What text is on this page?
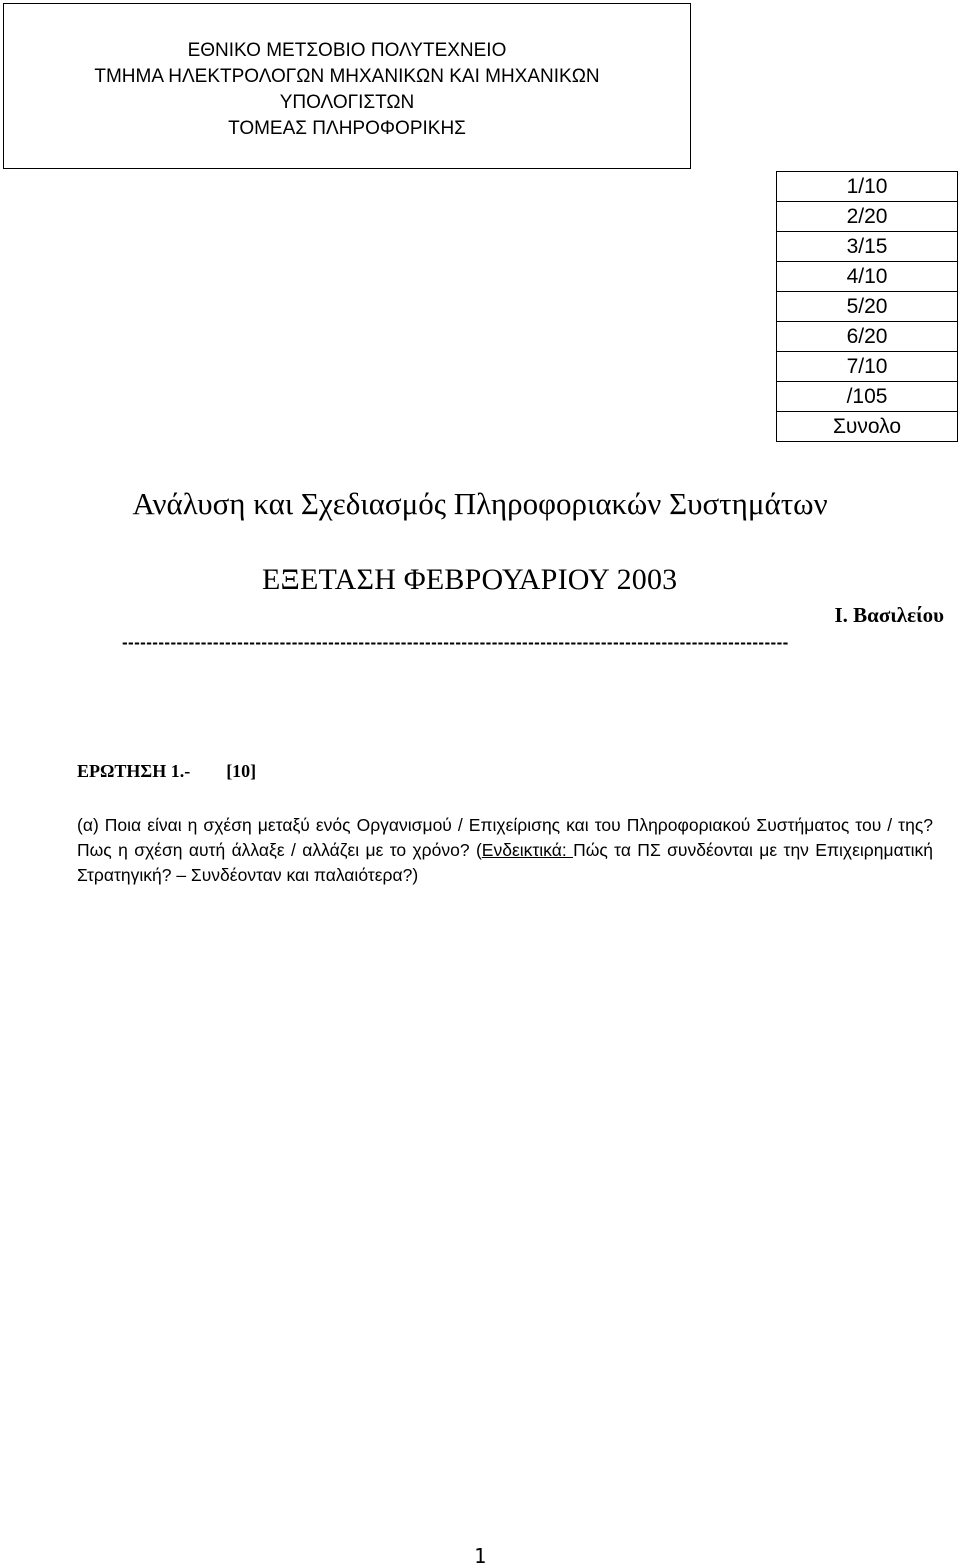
ΕΘΝΙΚΟ ΜΕΤΣΟΒΙΟ ΠΟΛΥΤΕΧΝΕΙΟ
ΤΜΗΜΑ ΗΛΕΚΤΡΟΛΟΓΩΝ ΜΗΧΑΝΙΚΩΝ ΚΑΙ ΜΗΧΑΝΙΚΩΝ
ΥΠΟΛΟΓΙΣΤΩΝ
ΤΟΜΕΑΣ ΠΛΗΡΟΦΟΡΙΚΗΣ
1/10
2/20
3/15
4/10
5/20
6/20
7/10
/105
Συνολο
Ανάλυση και Σχεδιασμός Πληροφοριακών Συστημάτων
ΕΞΕΤΑΣΗ ΦΕΒΡΟΥΑΡΙΟΥ 2003
Ι. Βασιλείου
--------------------------------------------------------------------------------------------------------------
ΕΡΩΤΗΣΗ 1.- [10]
(α) Ποια είναι η σχέση μεταξύ ενός Οργανισμού / Επιχείρισης και του Πληροφοριακού Συστήματος του / της? Πως η σχέση αυτή άλλαξε / αλλάζει με το χρόνο? (Ενδεικτικά: Πώς τα ΠΣ συνδέονται με την Επιχειρηματική Στρατηγική? – Συνδέονταν και παλαιότερα?)
1
